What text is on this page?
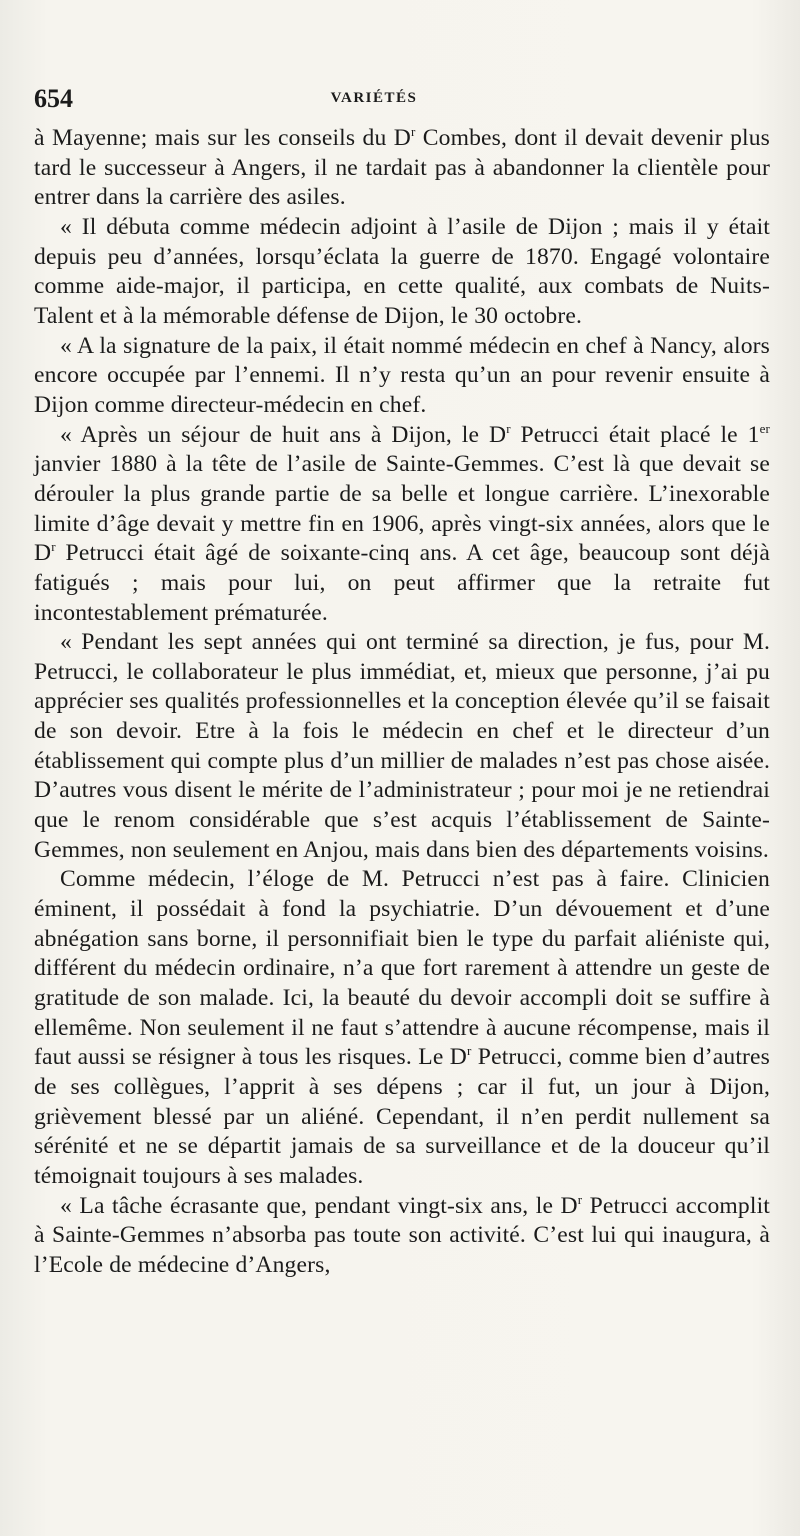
654	VARIÉTÉS

à Mayenne; mais sur les conseils du $D^r$ Combes, dont il devait devenir plus tard le successeur à Angers, il ne tardait pas à abandonner la clientèle pour entrer dans la carrière des asiles.

« Il débuta comme médecin adjoint à l’asile de Dijon ; mais il y était depuis peu d’années, lorsqu’éclata la guerre de 1870. Engagé volontaire comme aide-major, il participa, en cette qualité, aux combats de Nuits-Talent et à la mémorable défense de Dijon, le 30 octobre.

« A la signature de la paix, il était nommé médecin en chef à Nancy, alors encore occupée par l’ennemi. Il n’y resta qu’un an pour revenir ensuite à Dijon comme directeur-médecin en chef.

« Après un séjour de huit ans à Dijon, le $D^r$ Petrucci était placé le 1er janvier 1880 à la tête de l’asile de Sainte-Gemmes. C’est là que devait se dérouler la plus grande partie de sa belle et longue carrière. L’inexorable limite d’âge devait y mettre fin en 1906, après vingt-six années, alors que le $D^r$ Petrucci était âgé de soixante-cinq ans. A cet âge, beaucoup sont déjà fatigués ; mais pour lui, on peut affirmer que la retraite fut incontestablement prématurée.

« Pendant les sept années qui ont terminé sa direction, je fus, pour M. Petrucci, le collaborateur le plus immédiat, et, mieux que personne, j’ai pu apprécier ses qualités professionnelles et la conception élevée qu’il se faisait de son devoir. Etre à la fois le médecin en chef et le directeur d’un établissement qui compte plus d’un millier de malades n’est pas chose aisée. D’autres vous disent le mérite de l’administrateur ; pour moi je ne retiendrai que le renom considérable que s’est acquis l’établissement de Sainte-Gemmes, non seulement en Anjou, mais dans bien des départements voisins.

Comme médecin, l’éloge de M. Petrucci n’est pas à faire. Clinicien éminent, il possédait à fond la psychiatrie. D’un dévouement et d’une abnégation sans borne, il personnifiait bien le type du parfait aliéniste qui, différent du médecin ordinaire, n’a que fort rarement à attendre un geste de gratitude de son malade. Ici, la beauté du devoir accompli doit se suffire à ellemême. Non seulement il ne faut s’attendre à aucune récompense, mais il faut aussi se résigner à tous les risques. Le $D^r$ Petrucci, comme bien d’autres de ses collègues, l’apprit à ses dépens ; car il fut, un jour à Dijon, grièvement blessé par un aliéné. Cependant, il n’en perdit nullement sa sérénité et ne se départit jamais de sa surveillance et de la douceur qu’il témoignait toujours à ses malades.

« La tâche écrasante que, pendant vingt-six ans, le $D^r$ Petrucci accomplit à Sainte-Gemmes n’absorba pas toute son activité. C’est lui qui inaugura, à l’Ecole de médecine d’Angers,
